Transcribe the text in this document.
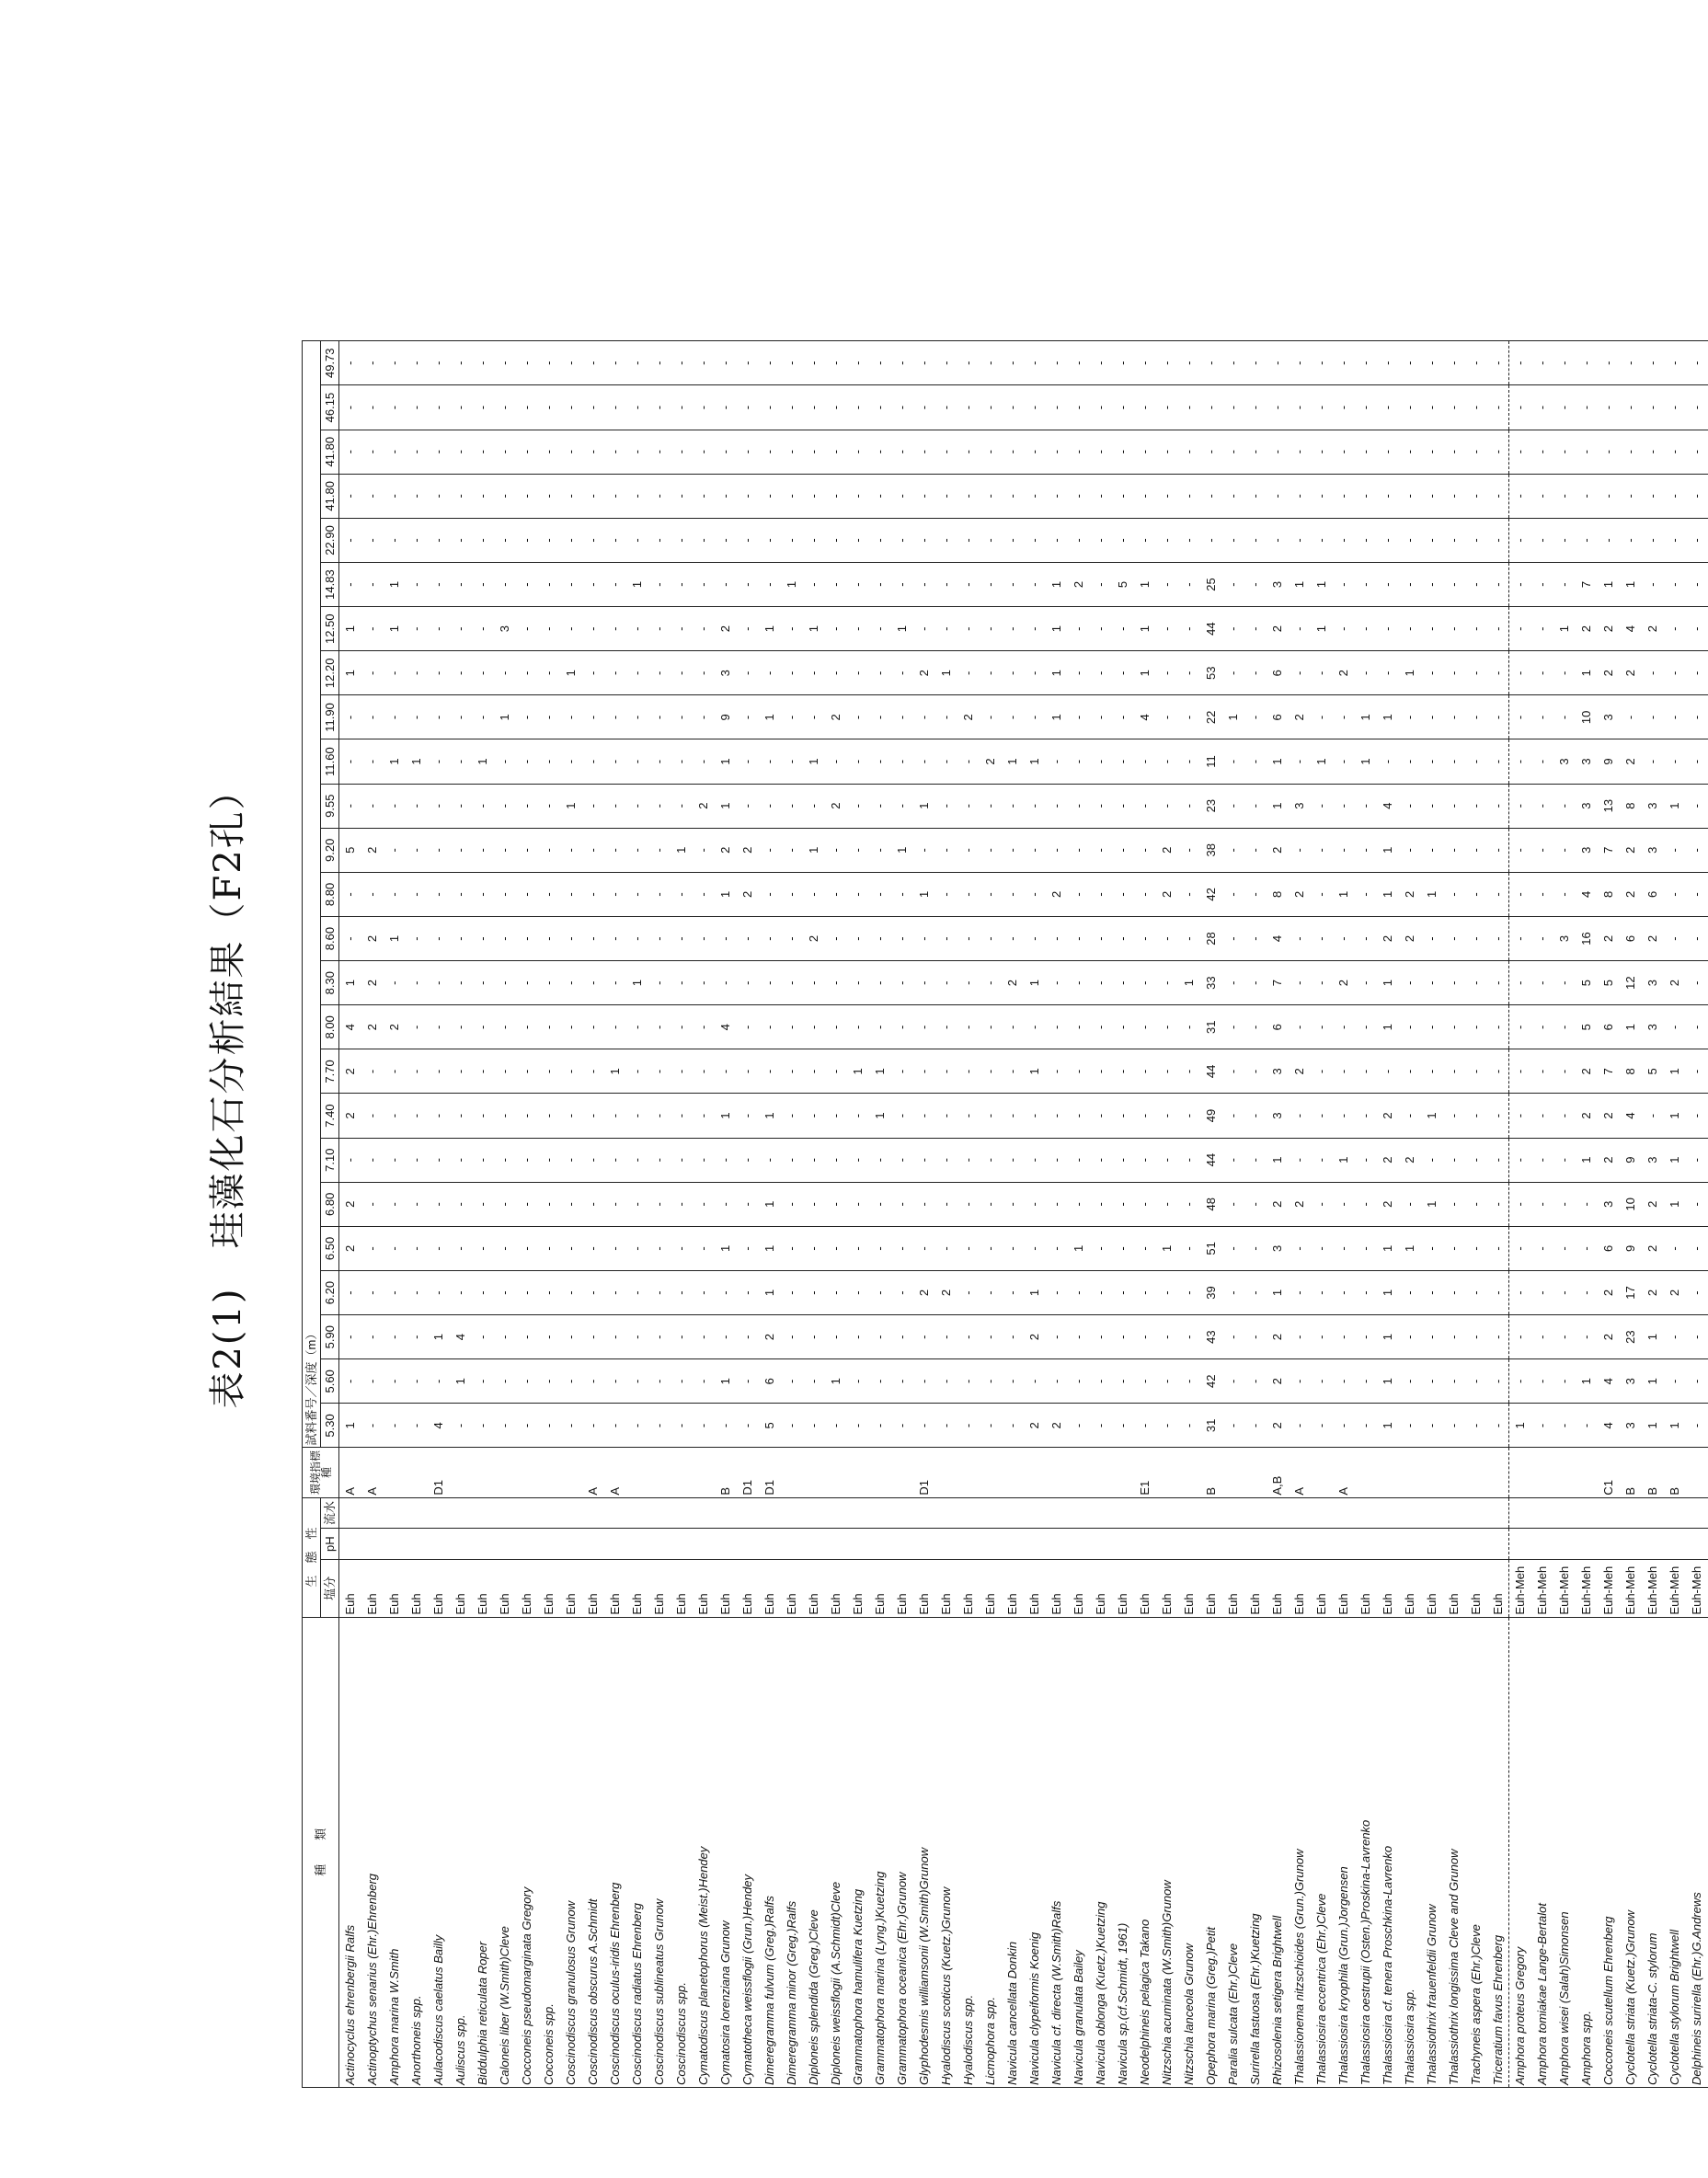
表2(1)　珪藻化石分析結果（F2孔）
種　　類	生　態　性			環境指標種	試料番号／深度（m）																								
	塩分	pH	流水		5.30	5.60	5.90	6.20	6.50	6.80	7.10	7.40	7.70	8.00	8.30	8.60	8.80	9.20	9.55	11.60	11.90	12.20	12.50	14.83	22.90	41.80	41.80	46.15	49.73
Actinocyclus ehrenbergii Ralfs	Euh			A	1	-	-	-	2	2	-	2	2	4	1	-	-	5	-	-	-	1	1	-	-	-	-	-	-
Actinoptychus senarius (Ehr.)Ehrenberg	Euh			A	-	-	-	-	-	-	-	-	-	2	2	2	-	2	-	-	-	-	-	-	-	-	-	-	-
Amphora marina W.Smith	Euh				-	-	-	-	-	-	-	-	-	2	-	1	-	-	-	1	-	-	1	1	-	-	-	-	-
Anorthoneis spp.	Euh				-	-	-	-	-	-	-	-	-	-	-	-	-	-	-	1	-	-	-	-	-	-	-	-	-
Aulacodiscus caelatus Bailly	Euh			D1	4	-	1	-	-	-	-	-	-	-	-	-	-	-	-	-	-	-	-	-	-	-	-	-	-
Auliscus spp.	Euh				-	1	4	-	-	-	-	-	-	-	-	-	-	-	-	-	-	-	-	-	-	-	-	-	-
Biddulphia reticulata Roper	Euh				-	-	-	-	-	-	-	-	-	-	-	-	-	-	-	1	-	-	-	-	-	-	-	-	-
Caloneis liber (W.Smith)Cleve	Euh				-	-	-	-	-	-	-	-	-	-	-	-	-	-	-	-	1	-	3	-	-	-	-	-	-
Cocconeis pseudomarginata Gregory	Euh				-	-	-	-	-	-	-	-	-	-	-	-	-	-	-	-	-	-	-	-	-	-	-	-	-
Cocconeis spp.	Euh				-	-	-	-	-	-	-	-	-	-	-	-	-	-	-	-	-	-	-	-	-	-	-	-	-
Coscinodiscus granulosus Grunow	Euh				-	-	-	-	-	-	-	-	-	-	-	-	-	-	1	-	-	1	-	-	-	-	-	-	-
Coscinodiscus obscurus A.Schmidt	Euh			A	-	-	-	-	-	-	-	-	-	-	-	-	-	-	-	-	-	-	-	-	-	-	-	-	-
Coscinodiscus oculus-iridis Ehrenberg	Euh			A	-	-	-	-	-	-	-	-	1	-	-	-	-	-	-	-	-	-	-	-	-	-	-	-	-
Coscinodiscus radiatus Ehrenberg	Euh				-	-	-	-	-	-	-	-	-	-	1	-	-	-	-	-	-	-	-	1	-	-	-	-	-
Coscinodiscus sublineatus Grunow	Euh				-	-	-	-	-	-	-	-	-	-	-	-	-	-	-	-	-	-	-	-	-	-	-	-	-
Coscinodiscus spp.	Euh				-	-	-	-	-	-	-	-	-	-	-	-	-	1	-	-	-	-	-	-	-	-	-	-	-
Cymatodiscus planetophorus (Meist.)Hendey	Euh				-	-	-	-	-	-	-	-	-	-	-	-	-	-	2	-	-	-	-	-	-	-	-	-	-
Cymatosira lorenziana Grunow	Euh			B	-	1	-	-	1	-	-	1	-	4	-	-	1	2	1	1	9	3	2	-	-	-	-	-	-
Cymatotheca weissflogii (Grun.)Hendey	Euh			D1	-	-	-	-	-	-	-	-	-	-	-	-	2	2	-	-	-	-	-	-	-	-	-	-	-
Dimeregramma fulvum (Greg.)Ralfs	Euh			D1	5	6	2	1	1	1	-	1	-	-	-	-	-	-	-	-	1	-	1	-	-	-	-	-	-
Dimeregramma minor (Greg.)Ralfs	Euh				-	-	-	-	-	-	-	-	-	-	-	-	-	-	-	-	-	-	-	1	-	-	-	-	-
Diploneis splendida (Greg.)Cleve	Euh				-	-	-	-	-	-	-	-	-	-	-	2	-	1	-	1	-	-	1	-	-	-	-	-	-
Diploneis weissflogii (A.Schmidt)Cleve	Euh				-	1	-	-	-	-	-	-	-	-	-	-	-	-	2	-	2	-	-	-	-	-	-	-	-
Grammatophora hamulifera Kuetzing	Euh				-	-	-	-	-	-	-	-	1	-	-	-	-	-	-	-	-	-	-	-	-	-	-	-	-
Grammatophora marina (Lyng.)Kuetzing	Euh				-	-	-	-	-	-	-	1	1	-	-	-	-	-	-	-	-	-	-	-	-	-	-	-	-
Grammatophora oceanica (Ehr.)Grunow	Euh				-	-	-	-	-	-	-	-	-	-	-	-	-	1	-	-	-	-	1	-	-	-	-	-	-
Glyphodesmis williamsonii (W.Smith)Grunow	Euh			D1	-	-	-	2	-	-	-	-	-	-	-	-	1	-	1	-	-	2	-	-	-	-	-	-	-
Hyalodiscus scoticus (Kuetz.)Grunow	Euh				-	-	-	2	-	-	-	-	-	-	-	-	-	-	-	-	-	1	-	-	-	-	-	-	-
Hyalodiscus spp.	Euh				-	-	-	-	-	-	-	-	-	-	-	-	-	-	-	-	2	-	-	-	-	-	-	-	-
Licmophora spp.	Euh				-	-	-	-	-	-	-	-	-	-	-	-	-	-	-	2	-	-	-	-	-	-	-	-	-
Navicula cancellata Donkin	Euh				-	-	-	-	-	-	-	-	-	-	2	-	-	-	-	1	-	-	-	-	-	-	-	-	-
Navicula clypeiformis Koenig	Euh				2	-	2	1	-	-	-	-	1	-	1	-	-	-	-	1	-	-	-	-	-	-	-	-	-
Navicula cf. directa (W.Smith)Ralfs	Euh				2	-	-	-	-	-	-	-	-	-	-	-	2	-	-	-	1	1	1	1	-	-	-	-	-
Navicula granulata Bailey	Euh				-	-	-	-	1	-	-	-	-	-	-	-	-	-	-	-	-	-	-	2	-	-	-	-	-
Navicula oblonga (Kuetz.)Kuetzing	Euh				-	-	-	-	-	-	-	-	-	-	-	-	-	-	-	-	-	-	-	-	-	-	-	-	-
Navicula sp.(cf.Schmidt, 1961)	Euh				-	-	-	-	-	-	-	-	-	-	-	-	-	-	-	-	-	-	-	5	-	-	-	-	-
Neodelphineis pelagica Takano	Euh			E1	-	-	-	-	-	-	-	-	-	-	-	-	-	-	-	-	4	1	1	1	-	-	-	-	-
Nitzschia acuminata (W.Smith)Grunow	Euh				-	-	-	-	1	-	-	-	-	-	-	-	2	2	-	-	-	-	-	-	-	-	-	-	-
Nitzschia lanceola Grunow	Euh				-	-	-	-	-	-	-	-	-	-	1	-	-	-	-	-	-	-	-	-	-	-	-	-	-
Opephora marina (Greg.)Petit	Euh			B	31	42	43	39	51	48	44	49	44	31	33	28	42	38	23	11	22	53	44	25	-	-	-	-	-
Paralia sulcata (Ehr.)Cleve	Euh				-	-	-	-	-	-	-	-	-	-	-	-	-	-	-	-	1	-	-	-	-	-	-	-	-
Surirella fastuosa (Ehr.)Kuetzing	Euh				-	-	-	-	-	-	-	-	-	-	-	-	-	-	-	-	-	-	-	-	-	-	-	-	-
Rhizosolenia setigera Brightwell	Euh			A,B	2	2	2	1	3	2	1	3	3	6	7	4	8	2	1	1	6	6	2	3	-	-	-	-	-
Thalassionema nitzschioides (Grun.)Grunow	Euh			A	-	-	-	-	-	2	-	-	2	-	-	-	2	-	3	-	2	-	-	1	-	-	-	-	-
Thalassiosira eccentrica (Ehr.)Cleve	Euh				-	-	-	-	-	-	-	-	-	-	-	-	-	-	-	1	-	-	1	1	-	-	-	-	-
Thalassiosira kryophila (Grun.)Jorgensen	Euh			A	-	-	-	-	-	-	1	-	-	-	2	-	1	-	-	-	-	2	-	-	-	-	-	-	-
Thalassiosira oestrupii (Osten.)Proskina-Lavrenko	Euh				-	-	-	-	-	-	-	-	-	-	-	-	-	-	-	1	1	-	-	-	-	-	-	-	-
Thalassiosira cf. tenera Proschkina-Lavrenko	Euh				1	1	1	1	1	2	2	2	-	1	1	2	1	1	4	-	1	-	-	-	-	-	-	-	-
Thalassiosira spp.	Euh				-	-	-	-	1	-	2	-	-	-	-	2	2	-	-	-	-	1	-	-	-	-	-	-	-
Thalassiothrix frauenfeldii Grunow	Euh				-	-	-	-	-	1	-	1	-	-	-	-	1	-	-	-	-	-	-	-	-	-	-	-	-
Thalassiothrix longissima Cleve and Grunow	Euh				-	-	-	-	-	-	-	-	-	-	-	-	-	-	-	-	-	-	-	-	-	-	-	-	-
Trachyneis aspera (Ehr.)Cleve	Euh				-	-	-	-	-	-	-	-	-	-	-	-	-	-	-	-	-	-	-	-	-	-	-	-	-
Triceratium favus Ehrenberg	Euh				-	-	-	-	-	-	-	-	-	-	-	-	-	-	-	-	-	-	-	-	-	-	-	-	-
Amphora proteus Gregory	Euh-Meh				1	-	-	-	-	-	-	-	-	-	-	-	-	-	-	-	-	-	-	-	-	-	-	-	-
Amphora tomiakae Lange-Bertalot	Euh-Meh				-	-	-	-	-	-	-	-	-	-	-	-	-	-	-	-	-	-	-	-	-	-	-	-	-
Amphora wisei (Salah)Simonsen	Euh-Meh				-	-	-	-	-	-	-	-	-	-	-	3	-	-	-	3	-	-	1	-	-	-	-	-	-
Amphora spp.	Euh-Meh				-	1	-	-	-	-	1	2	2	5	5	16	4	3	3	3	10	1	2	7	-	-	-	-	-
Cocconeis scutellum Ehrenberg	Euh-Meh			C1	4	4	2	2	6	3	2	2	7	6	5	2	8	7	13	9	3	2	2	1	-	-	-	-	-
Cyclotella striata (Kuetz.)Grunow	Euh-Meh			B	3	3	23	17	9	10	9	4	8	1	12	6	2	2	8	2	-	2	4	1	-	-	-	-	-
Cyclotella striata-C. stylorum	Euh-Meh			B	1	1	1	2	2	2	3	-	5	3	3	2	6	3	3	-	-	-	2	-	-	-	-	-	-
Cyclotella stylorum Brightwell	Euh-Meh			B	1	-	-	2	-	1	1	1	1	-	2	-	-	-	1	-	-	-	-	-	-	-	-	-	-
Delphineis surirella (Ehr.)G.Andrews	Euh-Meh				-	-	-	-	-	-	-	-	-	-	-	-	-	-	-	-	-	-	-	-	-	-	-	-	-
